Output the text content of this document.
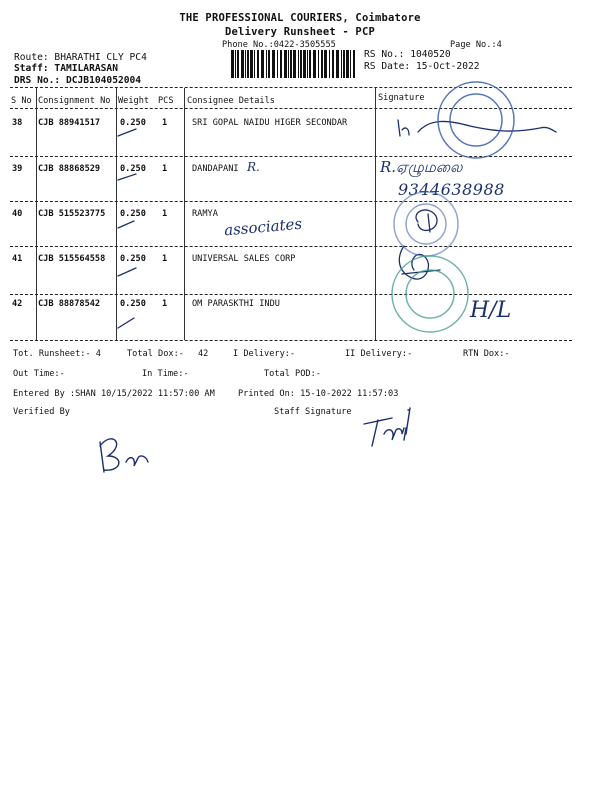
THE PROFESSIONAL COURIERS, Coimbatore
Delivery Runsheet - PCP
Phone No.:0422-3505555	Page No.:4
Route: BHARATHI CLY PC4
Staff: TAMILARASAN
DRS No.: DCJB104052004
RS No.: 1040520
RS Date: 15-Oct-2022
S No Consignment No Weight PCS Consignee Details	Signature
38 CJB 88941517 0.250 1	SRI GOPAL NAIDU HIGER SECONDAR
39 CJB 88868529 0.250 1	DANDAPANI
40 CJB 515523775 0.250 1	RAMYA
41 CJB 515564558 0.250 1	UNIVERSAL SALES CORP
42 CJB 88878542 0.250 1	OM PARASKTHI INDU
R.	R.ஏழுமலை
9344638988
associates
H/L
Tot. Runsheet:- 4	Total Dox:- 42	I Delivery:-	II Delivery:-	RTN Dox:-
Out Time:-	In Time:-	Total POD:-
Entered By :SHAN 10/15/2022 11:57:00 AM	Printed On: 15-10-2022 11:57:03
Verified By	Staff Signature
